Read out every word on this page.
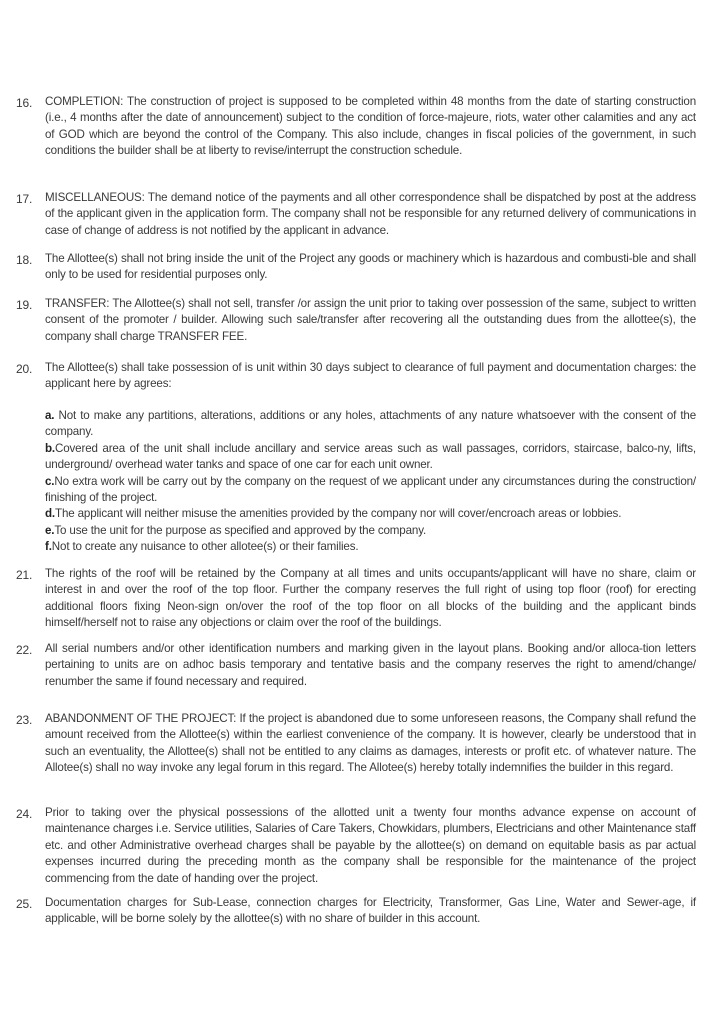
16.	COMPLETION: The construction of project is supposed to be completed within 48 months from the date of starting construction (i.e., 4 months after the date of announcement) subject to the condition of force-majeure, riots, water other calamities and any act of GOD which are beyond the control of the Company. This also include, changes in fiscal policies of the government, in such conditions the builder shall be at liberty to revise/interrupt the construction schedule.
17.	MISCELLANEOUS: The demand notice of the payments and all other correspondence shall be dispatched by post at the address of the applicant given in the application form. The company shall not be responsible for any returned delivery of communications in case of change of address is not notified by the applicant in advance.
18.	The Allottee(s) shall not bring inside the unit of the Project any goods or machinery which is hazardous and combusti-ble and shall only to be used for residential purposes only.
19.	TRANSFER: The Allottee(s) shall not sell, transfer /or assign the unit prior to taking over possession of the same, subject to written consent of the promoter / builder. Allowing such sale/transfer after recovering all the outstanding dues from the allottee(s), the company shall charge TRANSFER FEE.
20.	The Allottee(s) shall take possession of is unit within 30 days subject to clearance of full payment and documentation charges: the applicant here by agrees:
a. Not to make any partitions, alterations, additions or any holes, attachments of any nature whatsoever with the consent of the company.
b.Covered area of the unit shall include ancillary and service areas such as wall passages, corridors, staircase, balco-ny, lifts, underground/ overhead water tanks and space of one car for each unit owner.
c.No extra work will be carry out by the company on the request of we applicant under any circumstances during the construction/ finishing of the project.
d.The applicant will neither misuse the amenities provided by the company nor will cover/encroach areas or lobbies.
e.To use the unit for the purpose as specified and approved by the company.
f.Not to create any nuisance to other allotee(s) or their families.
21.	The rights of the roof will be retained by the Company at all times and units occupants/applicant will have no share, claim or interest in and over the roof of the top floor. Further the company reserves the full right of using top floor (roof) for erecting additional floors fixing Neon-sign on/over the roof of the top floor on all blocks of the building and the applicant binds himself/herself not to raise any objections or claim over the roof of the buildings.
22.	All serial numbers and/or other identification numbers and marking given in the layout plans. Booking and/or alloca-tion letters pertaining to units are on adhoc basis temporary and tentative basis and the company reserves the right to amend/change/ renumber the same if found necessary and required.
23.	ABANDONMENT OF THE PROJECT: If the project is abandoned due to some unforeseen reasons, the Company shall refund the amount received from the Allottee(s) within the earliest convenience of the company. It is however, clearly be understood that in such an eventuality, the Allottee(s) shall not be entitled to any claims as damages, interests or profit etc. of whatever nature. The Allotee(s) shall no way invoke any legal forum in this regard. The Allotee(s) hereby totally indemnifies the builder in this regard.
24.	Prior to taking over the physical possessions of the allotted unit a twenty four months advance expense on account of maintenance charges i.e. Service utilities, Salaries of Care Takers, Chowkidars, plumbers, Electricians and other Maintenance staff etc. and other Administrative overhead charges shall be payable by the allottee(s) on demand on equitable basis as par actual expenses incurred during the preceding month as the company shall be responsible for the maintenance of the project commencing from the date of handing over the project.
25.	Documentation charges for Sub-Lease, connection charges for Electricity, Transformer, Gas Line, Water and Sewer-age, if applicable, will be borne solely by the allottee(s) with no share of builder in this account.
